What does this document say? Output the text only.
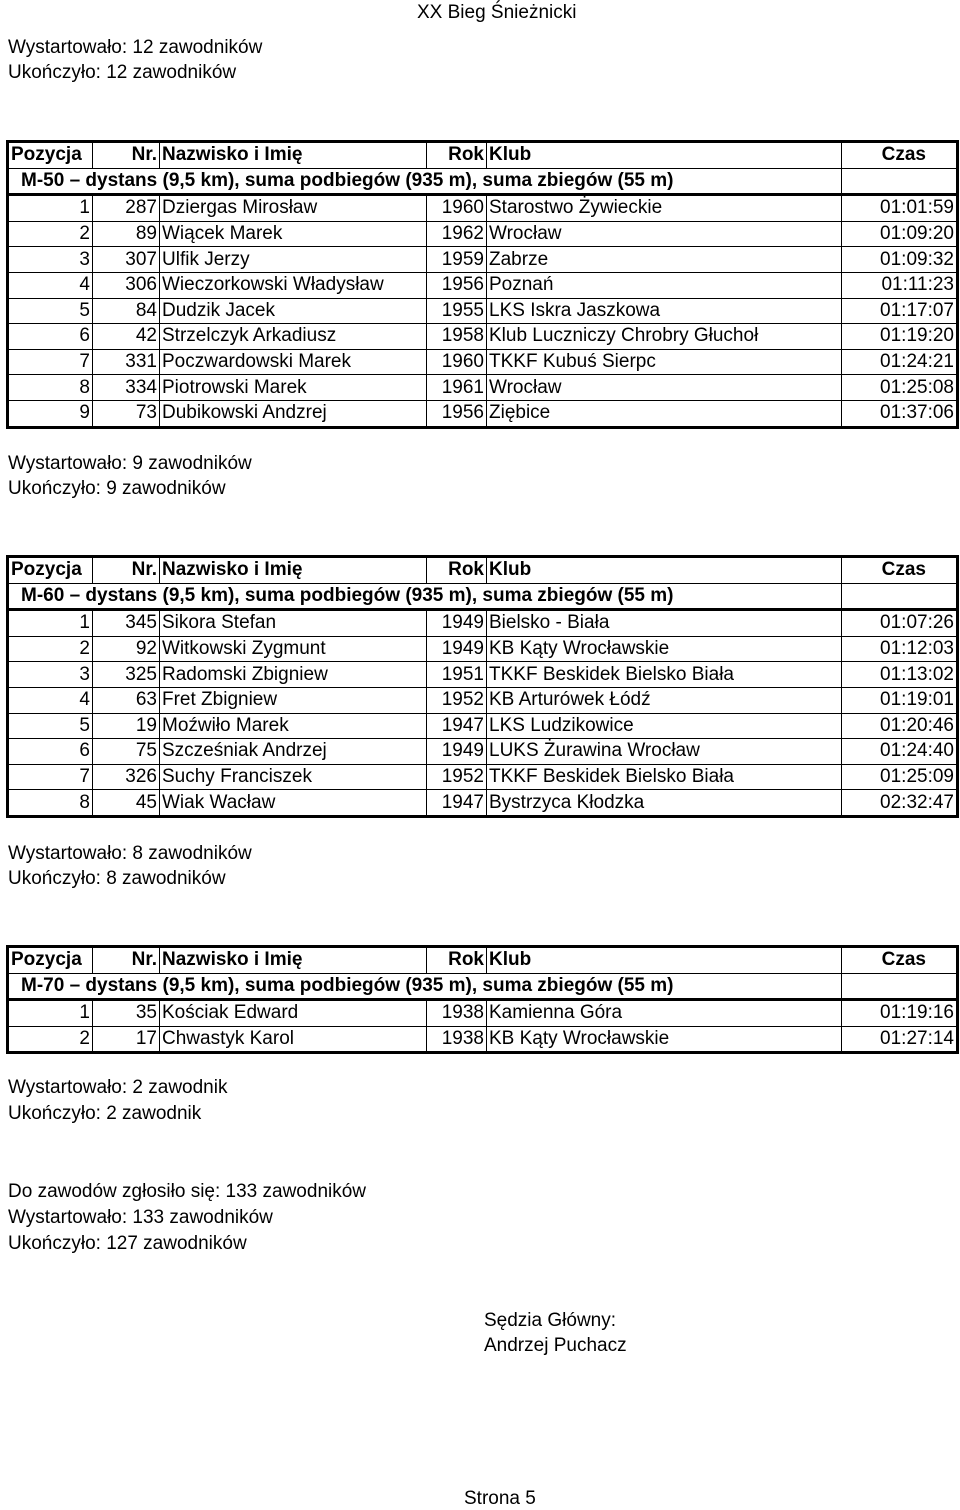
XX Bieg Śnieżnicki
Wystartowało: 12 zawodników
Ukończyło: 12 zawodników
Pozycja	Nr.	Nazwisko i Imię	Rok	Klub	Czas
M-50 – dystans (9,5 km), suma podbiegów (935 m), suma zbiegów (55 m)					
1	287	Dziergas Mirosław	1960	Starostwo Żywieckie	01:01:59
2	89	Wiącek Marek	1962	Wrocław	01:09:20
3	307	Ulfik Jerzy	1959	Zabrze	01:09:32
4	306	Wieczorkowski Władysław	1956	Poznań	01:11:23
5	84	Dudzik Jacek	1955	LKS Iskra Jaszkowa	01:17:07
6	42	Strzelczyk Arkadiusz	1958	Klub Luczniczy Chrobry Głuchoł	01:19:20
7	331	Poczwardowski Marek	1960	TKKF Kubuś Sierpc	01:24:21
8	334	Piotrowski Marek	1961	Wrocław	01:25:08
9	73	Dubikowski Andzrej	1956	Ziębice	01:37:06
Wystartowało: 9 zawodników
Ukończyło: 9 zawodników
Pozycja	Nr.	Nazwisko i Imię	Rok	Klub	Czas
M-60 – dystans (9,5 km), suma podbiegów (935 m), suma zbiegów (55 m)					
1	345	Sikora Stefan	1949	Bielsko - Biała	01:07:26
2	92	Witkowski Zygmunt	1949	KB Kąty Wrocławskie	01:12:03
3	325	Radomski Zbigniew	1951	TKKF Beskidek Bielsko Biała	01:13:02
4	63	Fret Zbigniew	1952	KB Arturówek Łódź	01:19:01
5	19	Moźwiło Marek	1947	LKS Ludzikowice	01:20:46
6	75	Szcześniak Andrzej	1949	LUKS Żurawina Wrocław	01:24:40
7	326	Suchy Franciszek	1952	TKKF Beskidek Bielsko Biała	01:25:09
8	45	Wiak Wacław	1947	Bystrzyca Kłodzka	02:32:47
Wystartowało: 8 zawodników
Ukończyło: 8 zawodników
Pozycja	Nr.	Nazwisko i Imię	Rok	Klub	Czas
M-70 – dystans (9,5 km), suma podbiegów (935 m), suma zbiegów (55 m)					
1	35	Kościak Edward	1938	Kamienna Góra	01:19:16
2	17	Chwastyk Karol	1938	KB Kąty Wrocławskie	01:27:14
Wystartowało: 2 zawodnik
Ukończyło: 2 zawodnik
Do zawodów zgłosiło się: 133 zawodników
Wystartowało: 133 zawodników
Ukończyło: 127 zawodników
Sędzia Główny:
Andrzej Puchacz
Strona 5
